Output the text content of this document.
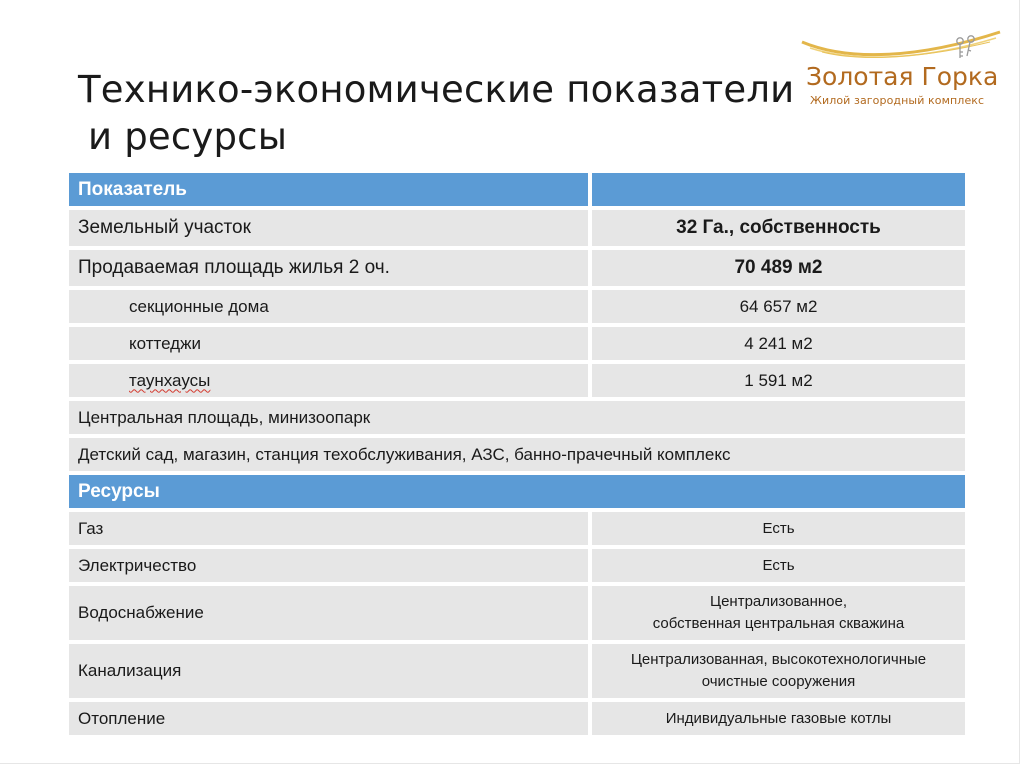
Технико-экономические показатели
и ресурсы
Золотая Горка
Жилой загородный комплекс
Показатель	
Земельный участок	32 Га., собственность
Продаваемая площадь жилья 2 оч.	70 489 м2
секционные дома	64 657 м2
коттеджи	4 241 м2
таунхаусы	1 591 м2
Центральная площадь, минизоопарк	
Детский сад, магазин, станция техобслуживания, АЗС, банно-прачечный комплекс	
Ресурсы	
Газ	Есть
Электричество	Есть
Водоснабжение	Централизованное,
собственная центральная скважина
Канализация	Централизованная, высокотехнологичные
очистные сооружения
Отопление	Индивидуальные газовые котлы
